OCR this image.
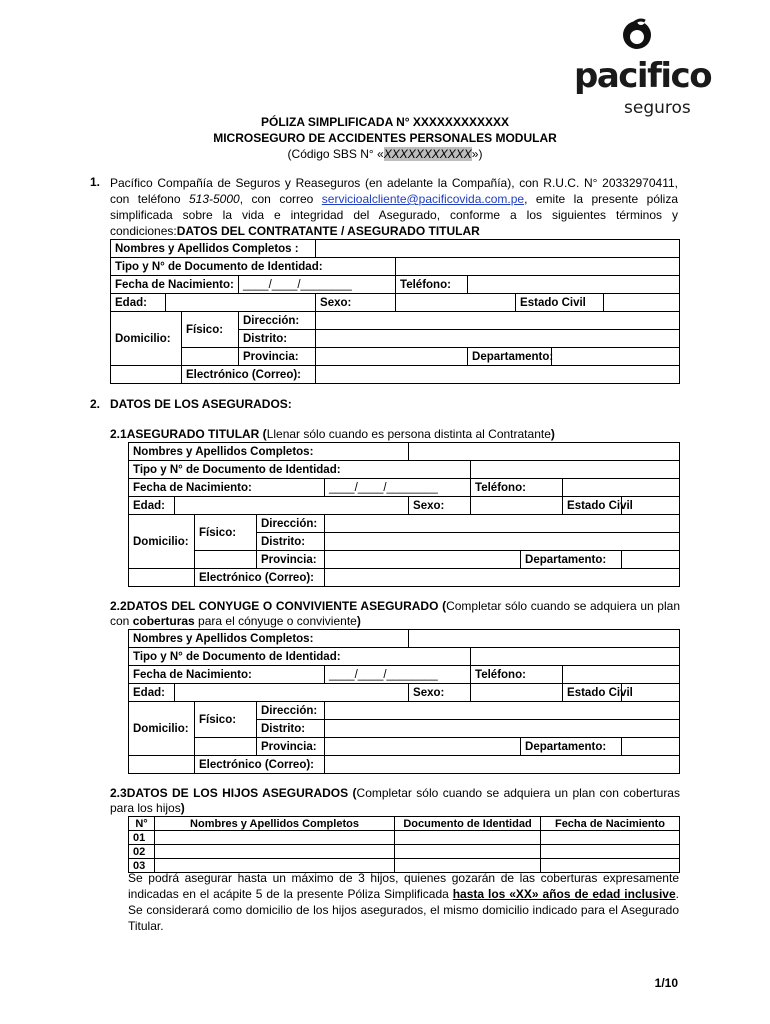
pacifico
seguros
PÓLIZA SIMPLIFICADA N° XXXXXXXXXXXX
MICROSEGURO DE ACCIDENTES PERSONALES MODULAR
(Código SBS N° «XXXXXXXXXXX»)
1. Pacífico Compañía de Seguros y Reaseguros (en adelante la Compañía), con R.U.C. N° 20332970411, con teléfono 513-5000, con correo servicioalcliente@pacificovida.com.pe, emite la presente póliza simplificada sobre la vida e integridad del Asegurado, conforme a los siguientes términos y condiciones:DATOS DEL CONTRATANTE / ASEGURADO TITULAR
Nombres y Apellidos Completos :									
Tipo y N° de Documento de Identidad:									
Fecha de Nacimiento:			____/____/________		Teléfono:				
Edad:				Sexo:			Estado Civil		
Domicilio:		Físico:	Dirección:						
			Distrito:						
			Provincia:			Departamento:			
		Electrónico (Correo):							
2. DATOS DE LOS ASEGURADOS:
2.1ASEGURADO TITULAR (Llenar sólo cuando es persona distinta al Contratante)
Nombres y Apellidos Completos:									
Tipo y N° de Documento de Identidad:									
Fecha de Nacimiento:				____/____/________		Teléfono:			
Edad:					Sexo:			Estado Civil	
Domicilio:		Físico:	Dirección:						
			Distrito:						
			Provincia:				Departamento:		
		Electrónico (Correo):							
2.2DATOS DEL CONYUGE O CONVIVIENTE ASEGURADO (Completar sólo cuando se adquiera un plan con coberturas para el cónyuge o conviviente)
Nombres y Apellidos Completos:									
Tipo y N° de Documento de Identidad:									
Fecha de Nacimiento:				____/____/________		Teléfono:			
Edad:					Sexo:			Estado Civil	
Domicilio:		Físico:	Dirección:						
			Distrito:						
			Provincia:				Departamento:		
		Electrónico (Correo):							
2.3DATOS DE LOS HIJOS ASEGURADOS (Completar sólo cuando se adquiera un plan con coberturas para los hijos)
N°	Nombres y Apellidos Completos	Documento de Identidad	Fecha de Nacimiento
01			
02			
03			
Se podrá asegurar hasta un máximo de 3 hijos, quienes gozarán de las coberturas expresamente indicadas en el acápite 5 de la presente Póliza Simplificada hasta los «XX» años de edad inclusive. Se considerará como domicilio de los hijos asegurados, el mismo domicilio indicado para el Asegurado Titular.
1/10
